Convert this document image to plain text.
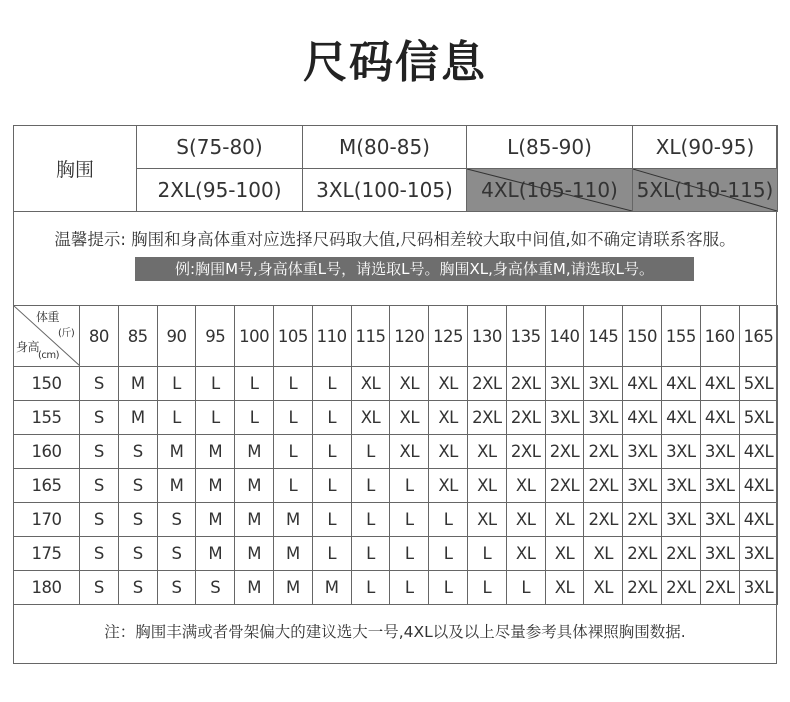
尺码信息
胸围	S(75-80)	M(80-85)	L(85-90)	XL(90-95)
	2XL(95-100)	3XL(100-105)	4XL(105-110)	5XL(110-115)
温馨提示: 胸围和身高体重对应选择尺码取大值,尺码相差较大取中间值,如不确定请联系客服。
例:胸围M号,身高体重L号，请选取L号。胸围XL,身高体重M,请选取L号。
体重
(斤)
身高
(cm)	80	85	90	95	100	105	110	115	120	125	130	135	140	145	150	155	160	165
150	S	M	L	L	L	L	L	XL	XL	XL	2XL	2XL	3XL	3XL	4XL	4XL	4XL	5XL
155	S	M	L	L	L	L	L	XL	XL	XL	2XL	2XL	3XL	3XL	4XL	4XL	4XL	5XL
160	S	S	M	M	M	L	L	L	XL	XL	XL	2XL	2XL	2XL	3XL	3XL	3XL	4XL
165	S	S	M	M	M	L	L	L	L	XL	XL	XL	2XL	2XL	3XL	3XL	3XL	4XL
170	S	S	S	M	M	M	L	L	L	L	XL	XL	XL	2XL	2XL	3XL	3XL	4XL
175	S	S	S	M	M	M	L	L	L	L	L	XL	XL	XL	2XL	2XL	3XL	3XL
180	S	S	S	S	M	M	M	L	L	L	L	L	XL	XL	2XL	2XL	2XL	3XL
注：胸围丰满或者骨架偏大的建议选大一号,4XL以及以上尽量参考具体裸照胸围数据.
